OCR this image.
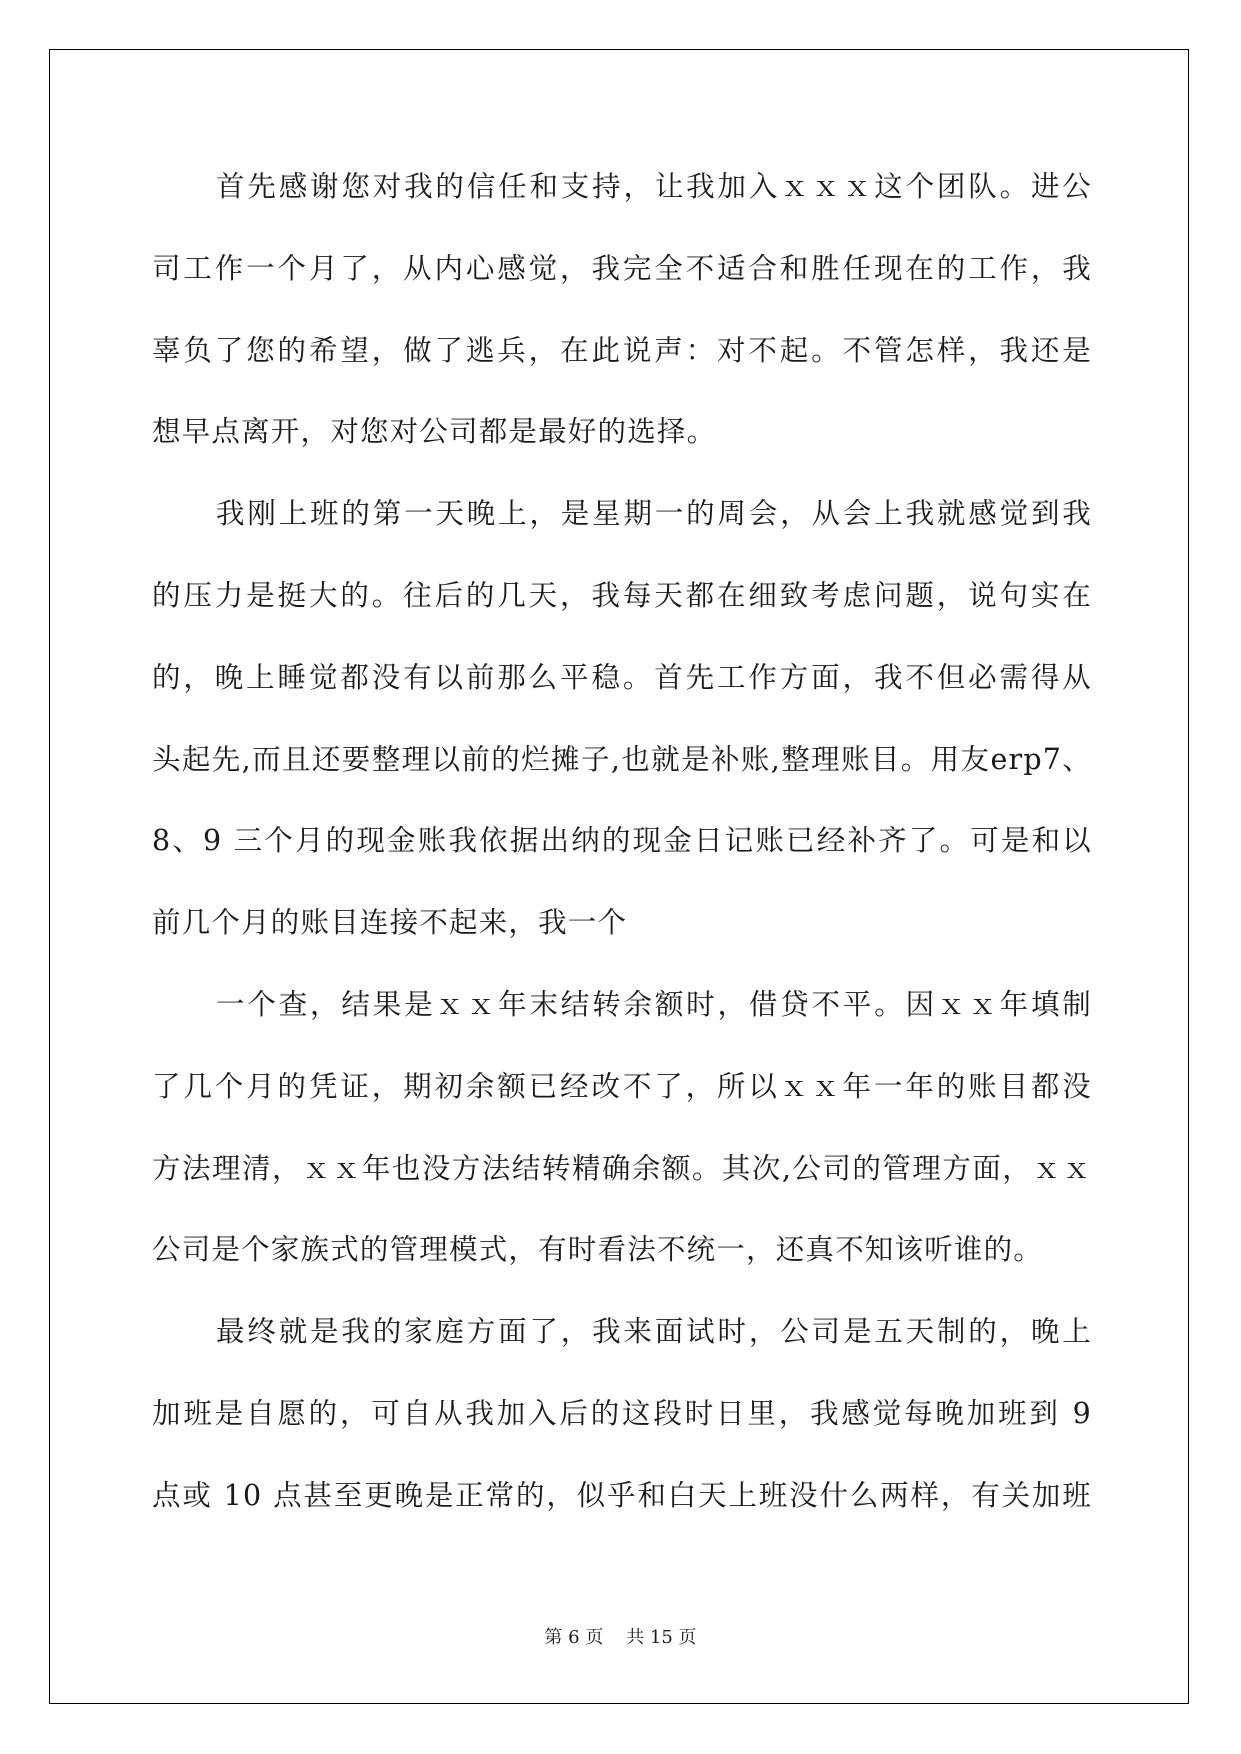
首先感谢您对我的信任和支持，让我加入ｘｘｘ这个团队。进公
司工作一个月了，从内心感觉，我完全不适合和胜任现在的工作，我
辜负了您的希望，做了逃兵，在此说声：对不起。不管怎样，我还是
想早点离开，对您对公司都是最好的选择。
我刚上班的第一天晚上，是星期一的周会，从会上我就感觉到我
的压力是挺大的。往后的几天，我每天都在细致考虑问题，说句实在
的，晚上睡觉都没有以前那么平稳。首先工作方面，我不但必需得从
头起先,而且还要整理以前的烂摊子,也就是补账,整理账目。用友erp7、
8、9 三个月的现金账我依据出纳的现金日记账已经补齐了。可是和以
前几个月的账目连接不起来，我一个
一个查，结果是ｘｘ年末结转余额时，借贷不平。因ｘｘ年填制
了几个月的凭证，期初余额已经改不了，所以ｘｘ年一年的账目都没
方法理清，ｘｘ年也没方法结转精确余额。其次,公司的管理方面，ｘｘ
公司是个家族式的管理模式，有时看法不统一，还真不知该听谁的。
最终就是我的家庭方面了，我来面试时，公司是五天制的，晚上
加班是自愿的，可自从我加入后的这段时日里，我感觉每晚加班到 9
点或 10 点甚至更晚是正常的，似乎和白天上班没什么两样，有关加班
第 6 页    共 15 页
